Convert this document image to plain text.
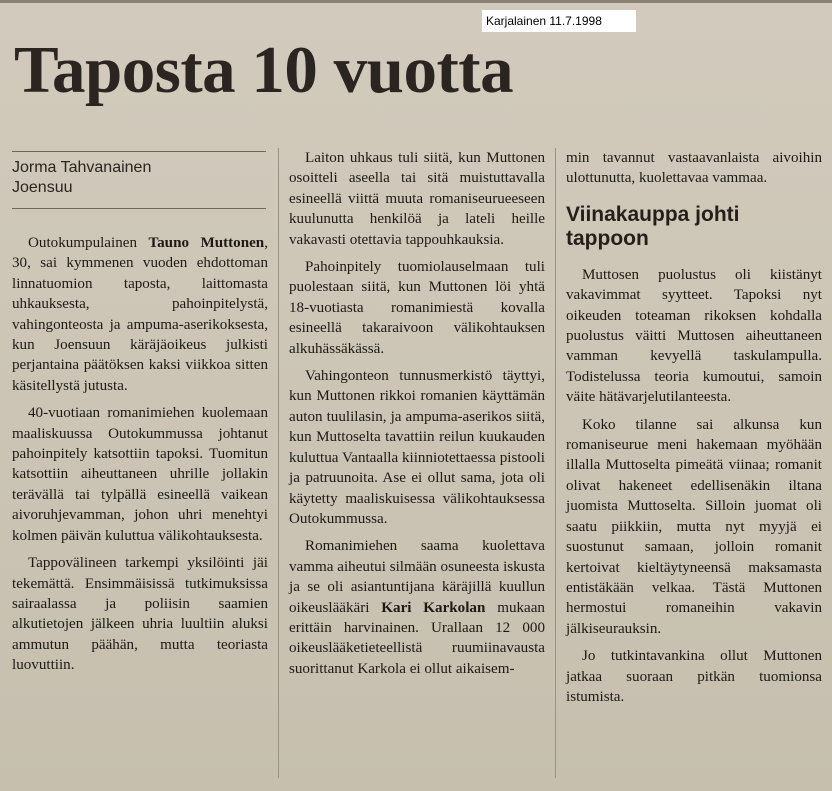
Karjalainen 11.7.1998
Taposta 10 vuotta
Jorma Tahvanainen
Joensuu

Outokumpulainen Tauno Muttonen, 30, sai kymmenen vuoden ehdottoman linnatuomion taposta, laittomasta uhkauksesta, pahoinpitelystä, vahingonteosta ja ampuma-aserikoksesta, kun Joensuun käräjäoikeus julkisti perjantaina päätöksen kaksi viikkoa sitten käsitellystä jutusta.

40-vuotiaan romanimiehen kuolemaan maaliskuussa Outokummussa johtanut pahoinpitely katsottiin tapoksi. Tuomitun katsottiin aiheuttaneen uhrille jollakin terävällä tai tylpällä esineellä vaikean aivoruhjevamman, johon uhri menehtyi kolmen päivän kuluttua välikohtauksesta.

Tappovälineen tarkempi yksilöinti jäi tekemättä. Ensimmäisissä tutkimuksissa sairaalassa ja poliisin saamien alkutietojen jälkeen uhria luultiin aluksi ammutun päähän, mutta teoriasta luovuttiin.

Laiton uhkaus tuli siitä, kun Muttonen osoitteli aseella tai sitä muistuttavalla esineellä viittä muuta romaniseurueeseen kuulunutta henkilöä ja lateli heille vakavasti otettavia tappouhkauksia.

Pahoinpitely tuomiolauselmaan tuli puolestaan siitä, kun Muttonen löi yhtä 18-vuotiasta romanimiestä kovalla esineellä takaraivoon välikohtauksen alkuhässäkässä.

Vahingonteon tunnusmerkistö täyttyi, kun Muttonen rikkoi romanien käyttämän auton tuulilasin, ja ampuma-aserikos siitä, kun Muttoselta tavattiin reilun kuukauden kuluttua Vantaalla kiinniotettaessa pistooli ja patruunoita. Ase ei ollut sama, jota oli käytetty maaliskuisessa välikohtauksessa Outokummussa.

Romanimiehen saama kuolettava vamma aiheutui silmään osuneesta iskusta ja se oli asiantuntijana käräjillä kuullun oikeuslääkäri Kari Karkolan mukaan erittäin harvinainen. Urallaan 12 000 oikeuslääketieteellistä ruumiinavausta suorittanut Karkola ei ollut aikaisem-

min tavannut vastaavanlaista aivoihin ulottunutta, kuolettavaa vammaa.

Viinakauppa johti tappoon

Muttosen puolustus oli kiistänyt vakavimmat syytteet. Tapoksi nyt oikeuden toteaman rikoksen kohdalla puolustus väitti Muttosen aiheuttaneen vamman kevyellä taskulampulla. Todistelussa teoria kumoutui, samoin väite hätävarjelutilanteesta.

Koko tilanne sai alkunsa kun romaniseurue meni hakemaan myöhään illalla Muttoselta pimeätä viinaa; romanit olivat hakeneet edellisenäkin iltana juomista Muttoselta. Silloin juomat oli saatu piikkiin, mutta nyt myyjä ei suostunut samaan, jolloin romanit kertoivat kieltäytyneensä maksamasta entistäkään velkaa. Tästä Muttonen hermostui romaneihin vakavin jälkiseurauksin.

Jo tutkintavankina ollut Muttonen jatkaa suoraan pitkän tuomionsa istumista.
